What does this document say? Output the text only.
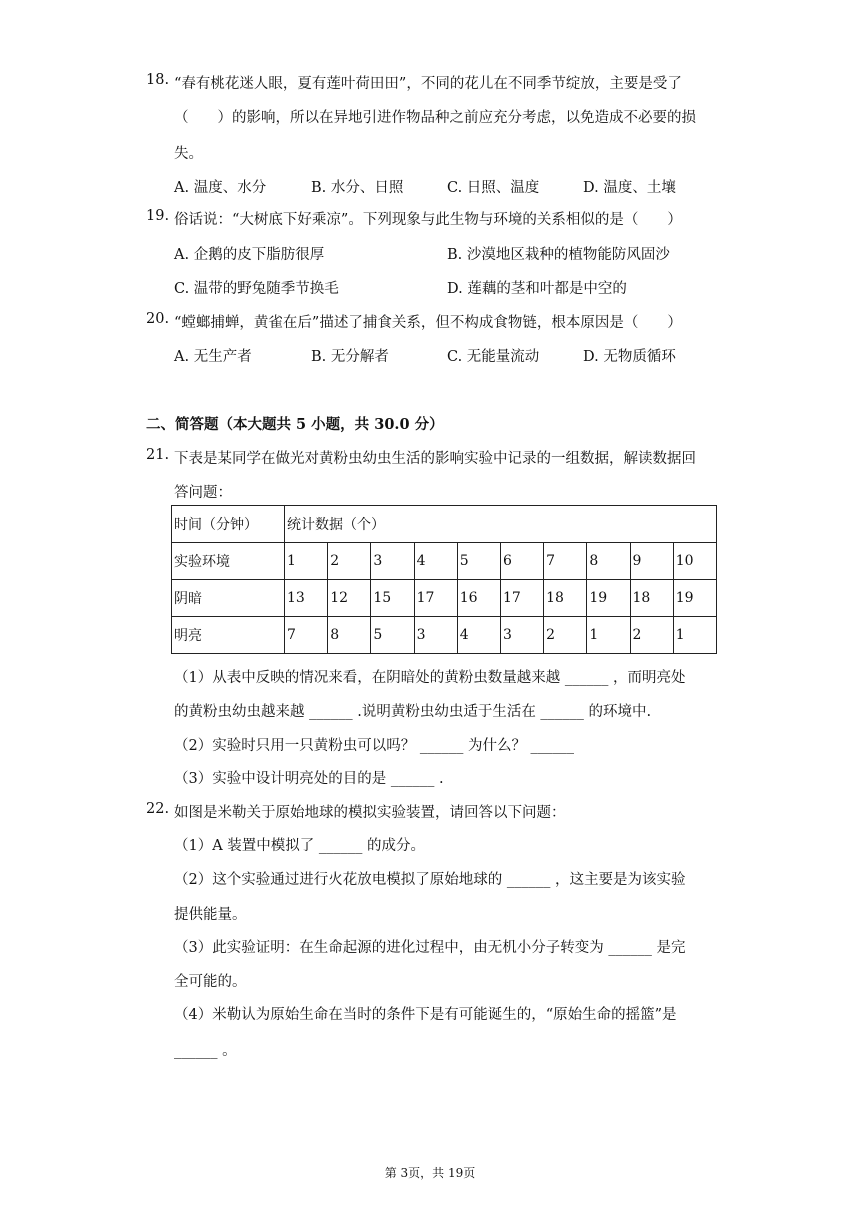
18. “春有桃花迷人眼，夏有莲叶荷田田”，不同的花儿在不同季节绽放，主要是受了
（　　）的影响，所以在异地引进作物品种之前应充分考虑，以免造成不必要的损
失。
A. 温度、水分	B. 水分、日照	C. 日照、温度	D. 温度、土壤
19. 俗话说：“大树底下好乘凉”。下列现象与此生物与环境的关系相似的是（　　）
A. 企鹅的皮下脂肪很厚	B. 沙漠地区栽种的植物能防风固沙
C. 温带的野兔随季节换毛	D. 莲藕的茎和叶都是中空的
20. “螳螂捕蝉，黄雀在后”描述了捕食关系，但不构成食物链，根本原因是（　　）
A. 无生产者	B. 无分解者	C. 无能量流动	D. 无物质循环
二、简答题（本大题共 5 小题，共 30.0 分）
21. 下表是某同学在做光对黄粉虫幼虫生活的影响实验中记录的一组数据，解读数据回
答问题：
时间（分钟）	统计数据（个）									
实验环境	1	2	3	4	5	6	7	8	9	10
阴暗	13	12	15	17	16	17	18	19	18	19
明亮	7	8	5	3	4	3	2	1	2	1
（1）从表中反映的情况来看，在阴暗处的黄粉虫数量越来越 ______ ，而明亮处
的黄粉虫幼虫越来越 ______ .说明黄粉虫幼虫适于生活在 ______ 的环境中.
（2）实验时只用一只黄粉虫可以吗？ ______ 为什么？ ______
（3）实验中设计明亮处的目的是 ______ .
22. 如图是米勒关于原始地球的模拟实验装置，请回答以下问题：
（1）A 装置中模拟了 ______ 的成分。
（2）这个实验通过进行火花放电模拟了原始地球的 ______ ，这主要是为该实验
提供能量。
（3）此实验证明：在生命起源的进化过程中，由无机小分子转变为 ______ 是完
全可能的。
（4）米勒认为原始生命在当时的条件下是有可能诞生的，“原始生命的摇篮”是
______ 。
第 3页，共 19页
